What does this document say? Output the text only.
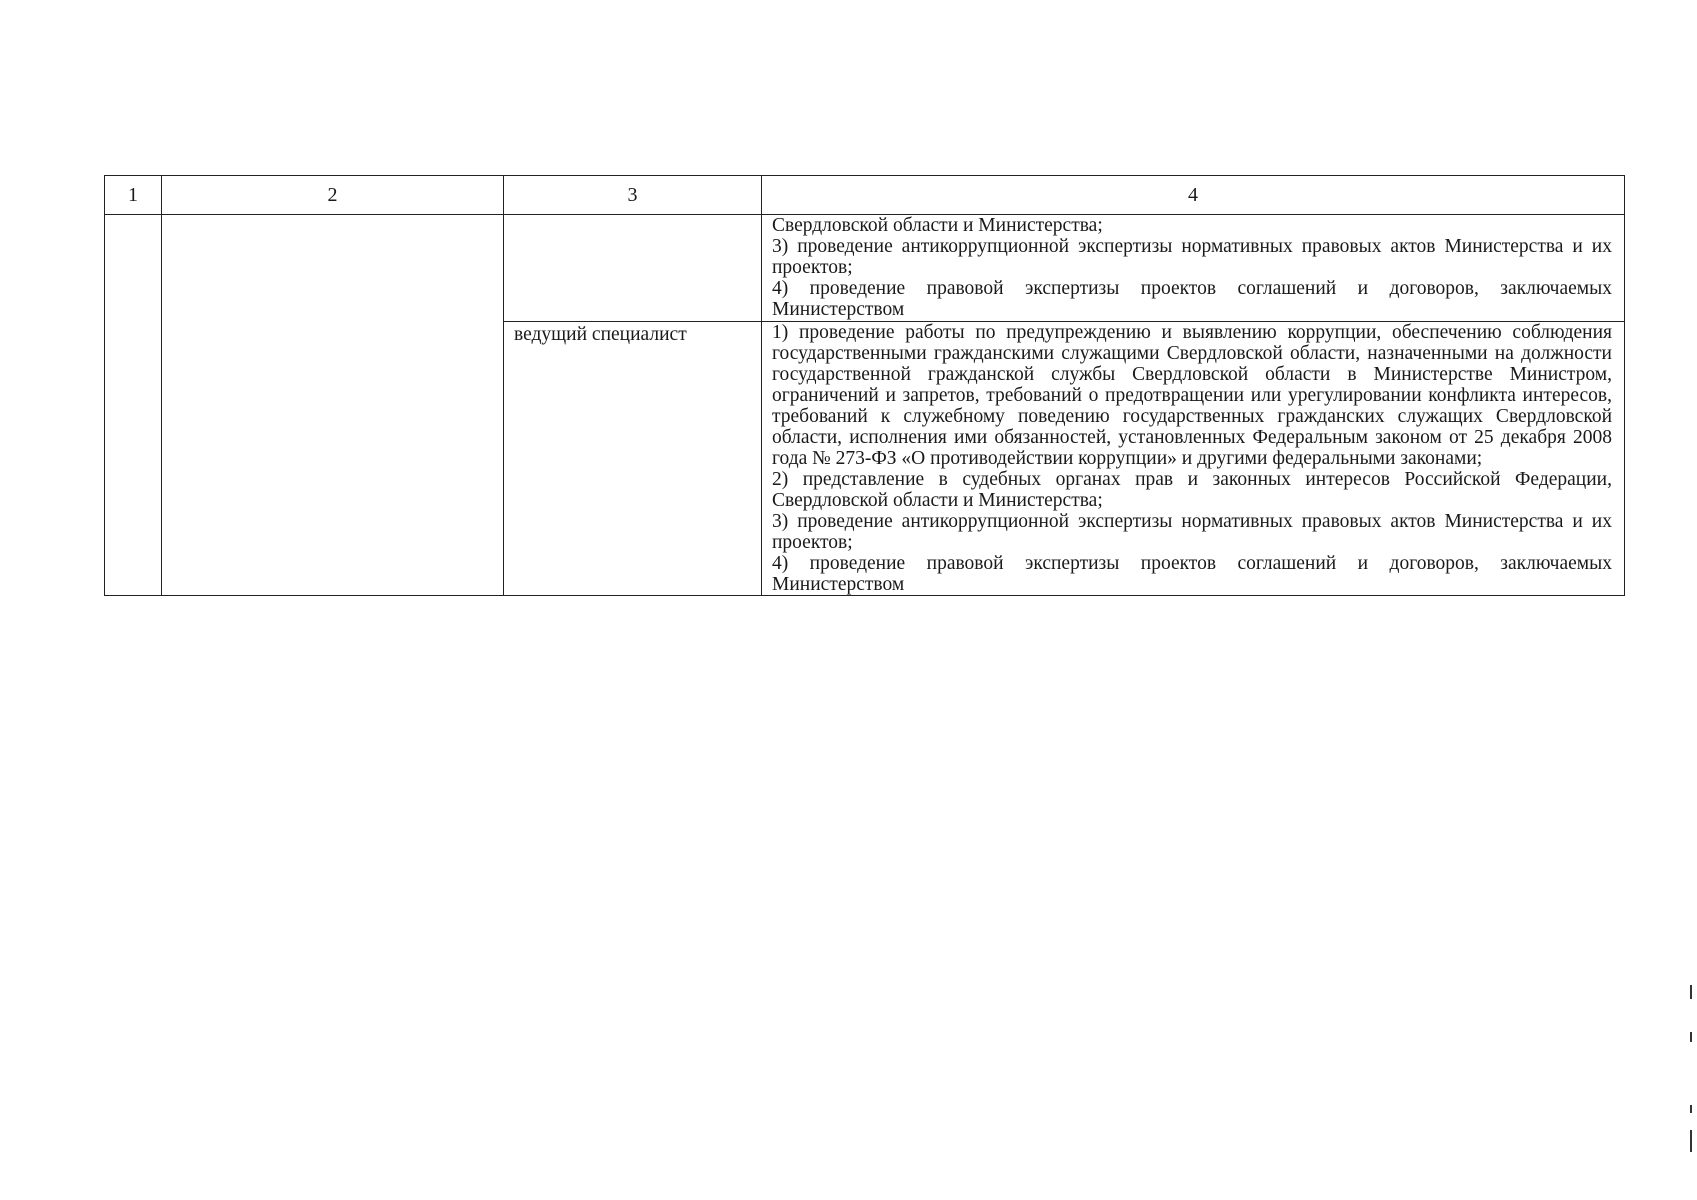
1	2	3	4

			Свердловской области и Министерства;

3) проведение антикоррупционной экспертизы нормативных правовых актов Министерства и их проектов;

4) проведение правовой экспертизы проектов соглашений и договоров, заключаемых Министерством

		ведущий специалист	1) проведение работы по предупреждению и выявлению коррупции, обеспечению соблюдения государственными гражданскими служащими Свердловской области, назначенными на должности государственной гражданской службы Свердловской области в Министерстве Министром, ограничений и запретов, требований о предотвращении или урегулировании конфликта интересов, требований к служебному поведению государственных гражданских служащих Свердловской области, исполнения ими обязанностей, установленных Федеральным законом от 25 декабря 2008 года № 273-ФЗ «О противодействии коррупции» и другими федеральными законами;

2) представление в судебных органах прав и законных интересов Российской Федерации, Свердловской области и Министерства;

3) проведение антикоррупционной экспертизы нормативных правовых актов Министерства и их проектов;

4) проведение правовой экспертизы проектов соглашений и договоров, заключаемых Министерством
